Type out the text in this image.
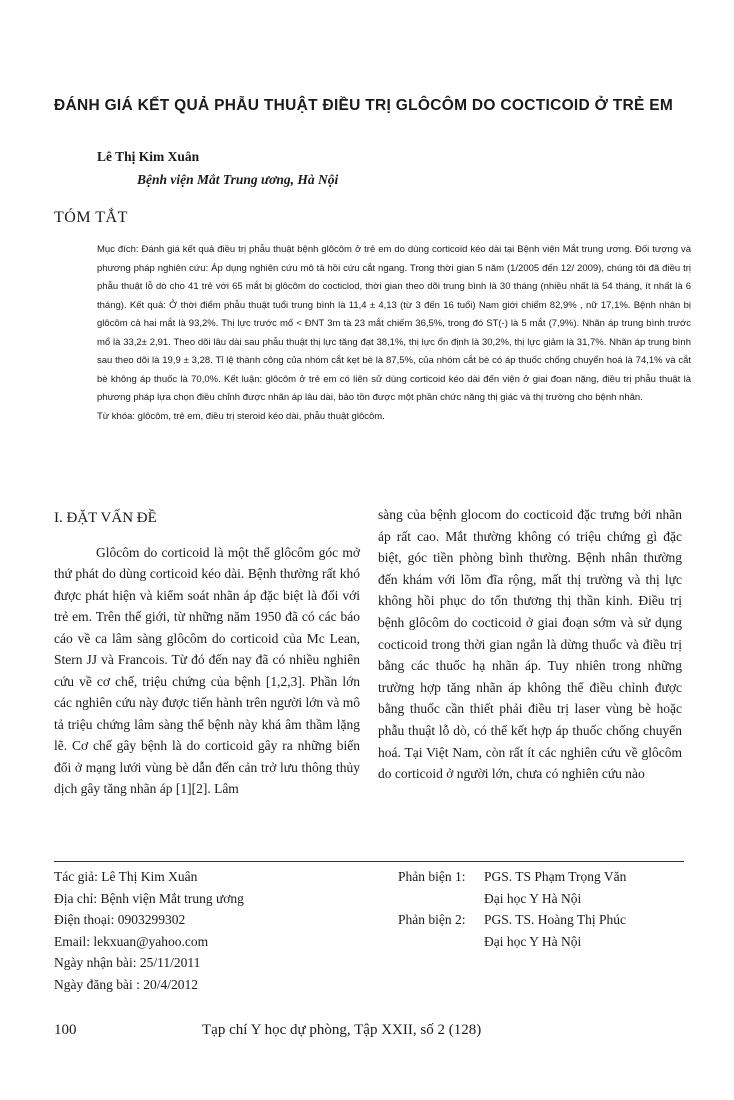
ĐÁNH GIÁ KẾT QUẢ PHẪU THUẬT ĐIỀU TRỊ GLÔCÔM DO COCTICOID Ở TRẺ EM
Lê Thị Kim Xuân
Bệnh viện Mắt Trung ương, Hà Nội
TÓM TẮT

Mục đích: Đánh giá kết quả điều trị phẫu thuật bệnh glôcôm ở trẻ em do dùng corticoid kéo dài tại Bệnh viện Mắt trung ương. Đối tượng và phương pháp nghiên cứu: Áp dụng nghiên cứu mô tả hồi cứu cắt ngang. Trong thời gian 5 năm (1/2005 đến 12/ 2009), chúng tôi đã điều trị phẫu thuật lỗ dò cho 41 trẻ với 65 mắt bị glôcôm do cocticlod, thời gian theo dõi trung bình là 30 tháng (nhiều nhất là 54 tháng, ít nhất là 6 tháng). Kết quả: Ở thời điểm phẫu thuật tuổi trung bình là 11,4 ± 4,13 (từ 3 đến 16 tuổi) Nam giới chiếm 82,9% , nữ 17,1%. Bệnh nhân bị glôcôm cả hai mắt là 93,2%. Thị lực trước mổ < ĐNT 3m tà 23 mắt chiếm 36,5%, trong đó ST(-) là 5 mắt (7,9%). Nhãn áp trung bình trước mổ là 33,2± 2,91. Theo dõi lâu dài sau phẫu thuật thị lực tăng đạt 38,1%, thị lực ổn định là 30,2%, thị lực giảm là 31,7%. Nhãn áp trung bình sau theo dõi là 19,9 ± 3,28. Tỉ lệ thành công của nhóm cắt kẹt bè là 87,5%, của nhóm cắt bè có áp thuốc chống chuyển hoá là 74,1% và cắt bè không áp thuốc là 70,0%. Kết luận: glôcôm ở trẻ em có liên sử dùng corticoid kéo dài đến viện ở giai đoạn nặng, điều trị phẫu thuật là phương pháp lựa chọn điều chỉnh được nhãn áp lâu dài, bảo tồn được một phần chức năng thị giác và thị trường cho bệnh nhân.

Từ khóa: glôcôm, trẻ em, điều trị steroid kéo dài, phẫu thuật glôcôm.

I. ĐẶT VẤN ĐỀ

Glôcôm do corticoid là một thể glôcôm góc mở thứ phát do dùng corticoid kéo dài. Bệnh thường rất khó được phát hiện và kiểm soát nhãn áp đặc biệt là đối với trẻ em. Trên thế giới, từ những năm 1950 đã có các báo cáo về ca lâm sàng glôcôm do corticoid của Mc Lean, Stern JJ và Francois. Từ đó đến nay đã có nhiều nghiên cứu về cơ chế, triệu chứng của bệnh [1,2,3]. Phần lớn các nghiên cứu này được tiến hành trên người lớn và mô tả triệu chứng lâm sàng thể bệnh này khá âm thầm lặng lẽ. Cơ chế gây bệnh là do corticoid gây ra những biến đổi ở mạng lưới vùng bè dẫn đến cản trở lưu thông thủy dịch gây tăng nhãn áp [1][2]. Lâm

sàng của bệnh glocom do cocticoid đặc trưng bởi nhãn áp rất cao. Mắt thường không có triệu chứng gì đặc biệt, góc tiền phòng bình thường. Bệnh nhân thường đến khám với lõm đĩa rộng, mất thị trường và thị lực không hồi phục do tổn thương thị thần kinh. Điều trị bệnh glôcôm do cocticoid ở giai đoạn sớm và sử dụng cocticoid trong thời gian ngắn là dừng thuốc và điều trị bằng các thuốc hạ nhãn áp. Tuy nhiên trong những trường hợp tăng nhãn áp không thể điều chỉnh được bằng thuốc cần thiết phải điều trị laser vùng bè hoặc phẫu thuật lỗ dò, có thể kết hợp áp thuốc chống chuyển hoá. Tại Việt Nam, còn rất ít các nghiên cứu về glôcôm do corticoid ở người lớn, chưa có nghiên cứu nào

Tác giả: Lê Thị Kim Xuân
Địa chỉ: Bệnh viện Mắt trung ương
Điện thoại: 0903299302
Email: lekxuan@yahoo.com
Ngày nhận bài: 25/11/2011
Ngày đăng bài : 20/4/2012
Phản biện 1:	PGS. TS Phạm Trọng Văn
Đại học Y Hà Nội
Phản biện 2:	PGS. TS. Hoàng Thị Phúc
Đại học Y Hà Nội
100	Tạp chí Y học dự phòng, Tập XXII, số 2 (128)
